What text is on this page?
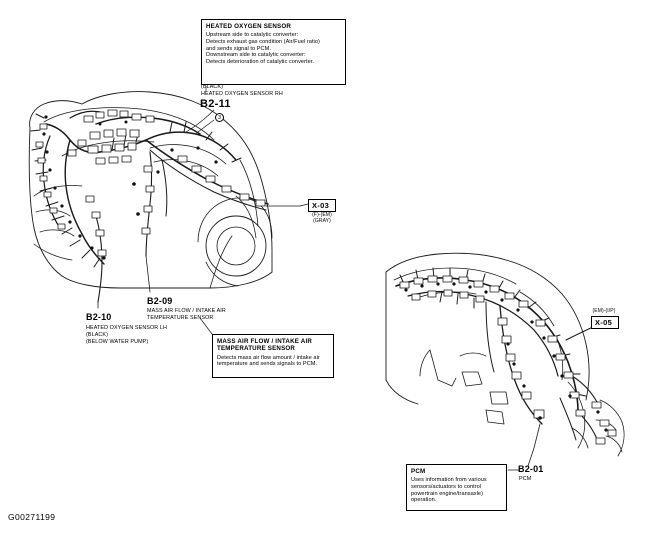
HEATED OXYGEN SENSOR
Upstream side to catalytic converter:
Detects exhaust gas condition (Air/Fuel ratio)
and sends signal to PCM.
Downstream side to catalytic converter:
Detects deterioration of catalytic converter.
(BLACK)
HEATED OXYGEN SENSOR RH
B2-11
3
X-03
(F)-(EM)
(GRAY)
B2-09
MASS AIR FLOW / INTAKE AIR
TEMPERATURE SENSOR
B2-10
HEATED OXYGEN SENSOR LH
(BLACK)
(BELOW WATER PUMP)	MASS AIR FLOW / INTAKE AIR
TEMPERATURE SENSOR
Detects mass air flow amount / intake air
temperature and sends signals to PCM.
(EM)-(I/P)
X-05
PCM
Uses information from various
sensors/actuators to control
powertrain engine/transaxle)
operation.
B2-01
PCM
G00271199
